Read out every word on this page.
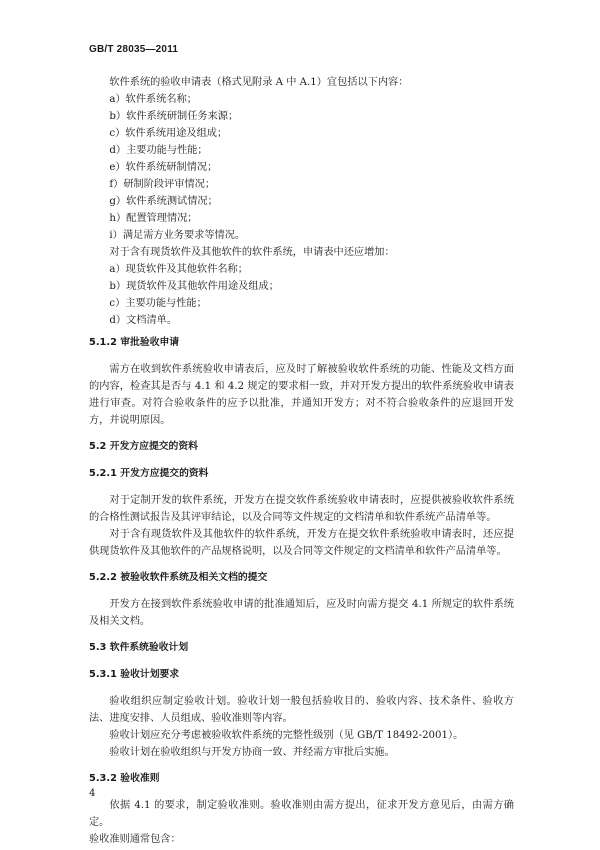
GB/T 28035—2011
软件系统的验收申请表（格式见附录 A 中 A.1）宜包括以下内容：
a）软件系统名称；
b）软件系统研制任务来源；
c）软件系统用途及组成；
d）主要功能与性能；
e）软件系统研制情况；
f）研制阶段评审情况；
g）软件系统测试情况；
h）配置管理情况；
i）满足需方业务要求等情况。
对于含有现货软件及其他软件的软件系统，申请表中还应增加：
a）现货软件及其他软件名称；
b）现货软件及其他软件用途及组成；
c）主要功能与性能；
d）文档清单。
5.1.2 审批验收申请
需方在收到软件系统验收申请表后，应及时了解被验收软件系统的功能、性能及文档方面的内容，检查其是否与 4.1 和 4.2 规定的要求相一致，并对开发方提出的软件系统验收申请表进行审查。对符合验收条件的应予以批准，并通知开发方；对不符合验收条件的应退回开发方，并说明原因。
5.2 开发方应提交的资料
5.2.1 开发方应提交的资料
对于定制开发的软件系统，开发方在提交软件系统验收申请表时，应提供被验收软件系统的合格性测试报告及其评审结论，以及合同等文件规定的文档清单和软件系统产品清单等。
对于含有现货软件及其他软件的软件系统，开发方在提交软件系统验收申请表时，还应提供现货软件及其他软件的产品规格说明，以及合同等文件规定的文档清单和软件产品清单等。
5.2.2 被验收软件系统及相关文档的提交
开发方在接到软件系统验收申请的批准通知后，应及时向需方提交 4.1 所规定的软件系统及相关文档。
5.3 软件系统验收计划
5.3.1 验收计划要求
验收组织应制定验收计划。验收计划一般包括验收目的、验收内容、技术条件、验收方法、进度安排、人员组成、验收准则等内容。
验收计划应充分考虑被验收软件系统的完整性级别（见 GB/T 18492-2001）。
验收计划在验收组织与开发方协商一致、并经需方审批后实施。
5.3.2 验收准则
依据 4.1 的要求，制定验收准则。验收准则由需方提出，征求开发方意见后，由需方确定。
验收准则通常包含：
4
